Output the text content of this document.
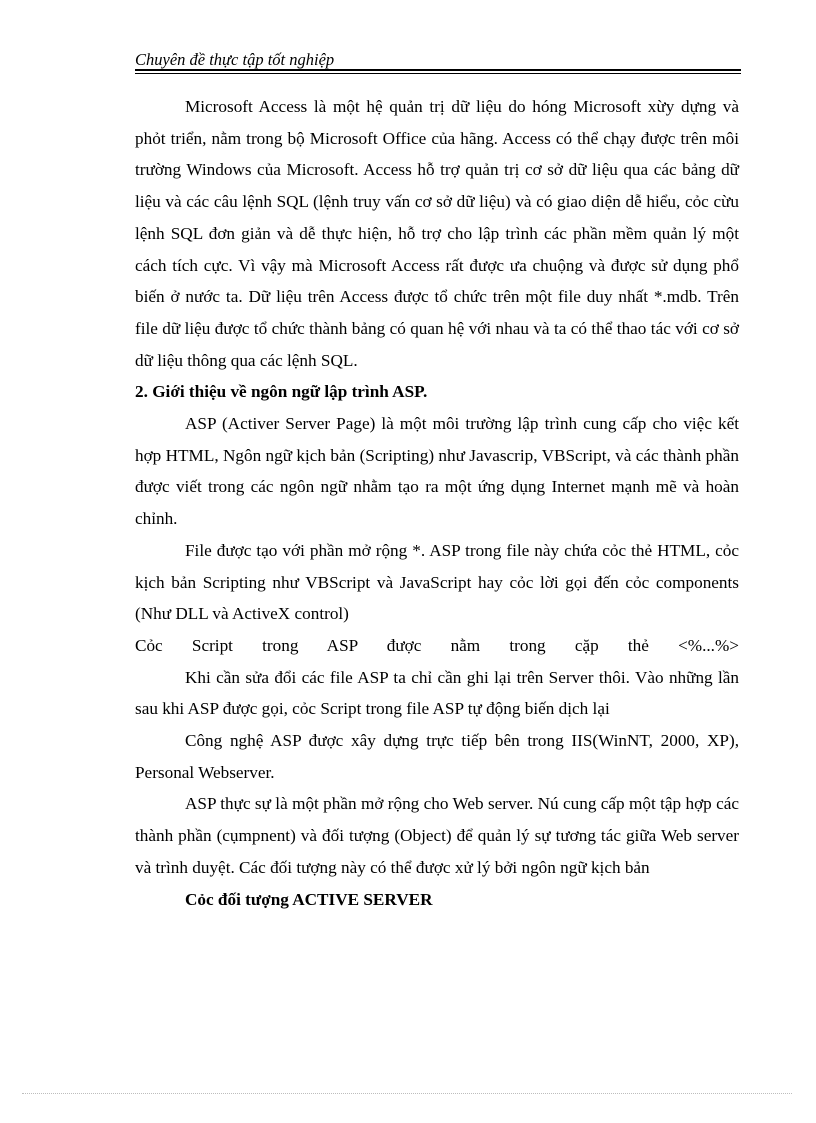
Chuyên đề thực tập tốt nghiệp

Microsoft Access là một hệ quản trị dữ liệu do hóng Microsoft xừy dựng và phỏt triển, nằm trong bộ Microsoft Office của hãng. Access có thể chạy được trên môi trường Windows của Microsoft. Access hỗ trợ quản trị cơ sở dữ liệu qua các bảng dữ liệu và các câu lệnh SQL (lệnh truy vấn cơ sở dữ liệu) và có giao diện dễ hiểu, cỏc cừu lệnh SQL đơn giản và dễ thực hiện, hỗ trợ cho lập trình các phần mềm quản lý một cách tích cực. Vì vậy mà Microsoft Access rất được ưa chuộng và được sử dụng phổ biến ở nước ta. Dữ liệu trên Access được tổ chức trên một file duy nhất *.mdb. Trên file dữ liệu được tổ chức thành bảng có quan hệ với nhau và ta có thể thao tác với cơ sở dữ liệu thông qua các lệnh SQL.

2. Giới thiệu về ngôn ngữ lập trình ASP.

ASP (Activer Server Page) là một môi trường lập trình cung cấp cho việc kết hợp HTML, Ngôn ngữ kịch bản (Scripting) như Javascrip, VBScript, và các thành phần được viết trong các ngôn ngữ nhằm tạo ra một ứng dụng Internet mạnh mẽ và hoàn chỉnh.

File được tạo với phần mở rộng *. ASP trong file này chứa cỏc thẻ HTML, cỏc kịch bản Scripting như VBScript và JavaScript hay cỏc lời gọi đến cỏc components (Như DLL và ActiveX control)

Cỏc Script trong ASP được nằm trong cặp thẻ <%...%>

Khi cần sửa đổi các file ASP ta chỉ cần ghi lại trên Server thôi. Vào những lần sau khi ASP được gọi, cỏc Script trong file ASP tự động biến dịch lại

Công nghệ ASP được xây dựng trực tiếp bên trong IIS(WinNT, 2000, XP), Personal Webserver.

ASP thực sự là một phần mở rộng cho Web server. Nú cung cấp một tập hợp các thành phần (cụmpnent) và đối tượng (Object) để quản lý sự tương tác giữa Web server và trình duyệt. Các đối tượng này có thể được xử lý bởi ngôn ngữ kịch bản

Cỏc đối tượng ACTIVE SERVER
